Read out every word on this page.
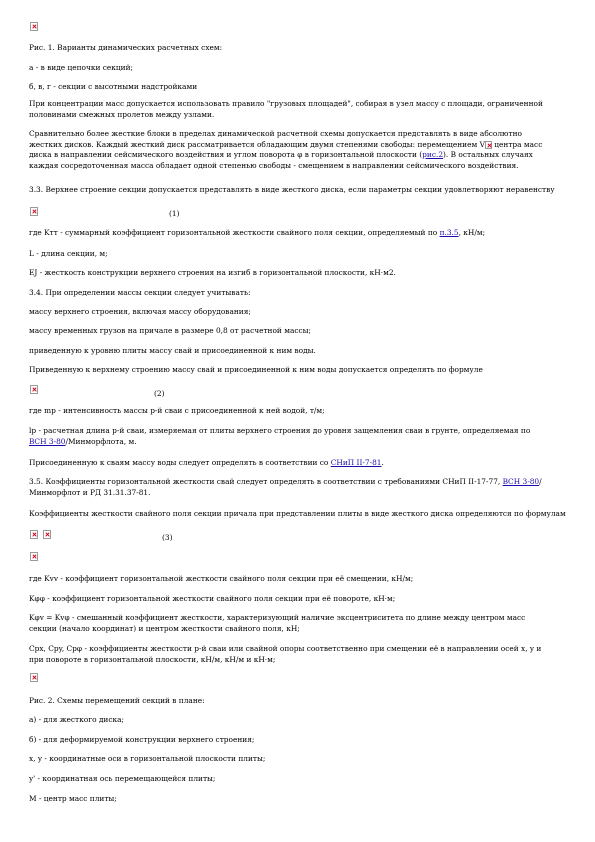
Рис. 1. Варианты динамических расчетных схем:
а - в виде цепочки секций;
б, в, г - секции с высотными надстройками
При концентрации масс допускается использовать правило "грузовых площадей", собирая в узел массу с площади, ограниченной половинами смежных пролетов между узлами.
Сравнительно более жесткие блоки в пределах динамической расчетной схемы допускается представлять в виде абсолютно жестких дисков. Каждый жесткий диск рассматривается обладающим двумя степенями свободы: перемещением V центра масс диска в направлении сейсмического воздействия и углом поворота φ в горизонтальной плоскости (рис.2). В остальных случаях каждая сосредоточенная масса обладает одной степенью свободы - смещением в направлении сейсмического воздействия.
3.3. Верхнее строение секции допускается представлять в виде жесткого диска, если параметры секции удовлетворяют неравенству
(1)
где Kтт - суммарный коэффициент горизонтальной жесткости свайного поля секции, определяемый по п.3.5, кН/м;
L - длина секции, м;
EJ - жесткость конструкции верхнего строения на изгиб в горизонтальной плоскости, кН·м2.
3.4. При определении массы секции следует учитывать:
массу верхнего строения, включая массу оборудования;
массу временных грузов на причале в размере 0,8 от расчетной массы;
приведенную к уровню плиты массу свай и присоединенной к ним воды.
Приведенную к верхнему строению массу свай и присоединенной к ним воды допускается определять по формуле
(2)
где mp - интенсивность массы p-й сваи с присоединенной к ней водой, т/м;
lp - расчетная длина p-й сваи, измеряемая от плиты верхнего строения до уровня защемления сваи в грунте, определяемая по ВСН 3-80/Минморфлота, м.
Присоединенную к сваям массу воды следует определять в соответствии со СНиП II-7-81.
3.5. Коэффициенты горизонтальной жесткости свай следует определять в соответствии с требованиями СНиП II-17-77, ВСН 3-80/Минморфлот и РД 31.31.37-81.
Коэффициенты жесткости свайного поля секции причала при представлении плиты в виде жесткого диска определяются по формулам
(3)
где Kvv - коэффициент горизонтальной жесткости свайного поля секции при её смещении, кН/м;
Kφφ - коэффициент горизонтальной жесткости свайного поля секции при её повороте, кН·м;
Kφv = Kvφ - смешанный коэффициент жесткости, характеризующий наличие эксцентриситета по длине между центром масс секции (начало координат) и центром жесткости свайного поля, кН;
Cpx, Cpy, Cpφ - коэффициенты жесткости p-й сваи или свайной опоры соответственно при смещении её в направлении осей x, y и при повороте в горизонтальной плоскости, кН/м, кН/м и кН·м;
Рис. 2. Схемы перемещений секций в плане:
а) - для жесткого диска;
б) - для деформируемой конструкции верхнего строения;
x, y - координатные оси в горизонтальной плоскости плиты;
y' - координатная ось перемещающейся плиты;
M - центр масс плиты;
